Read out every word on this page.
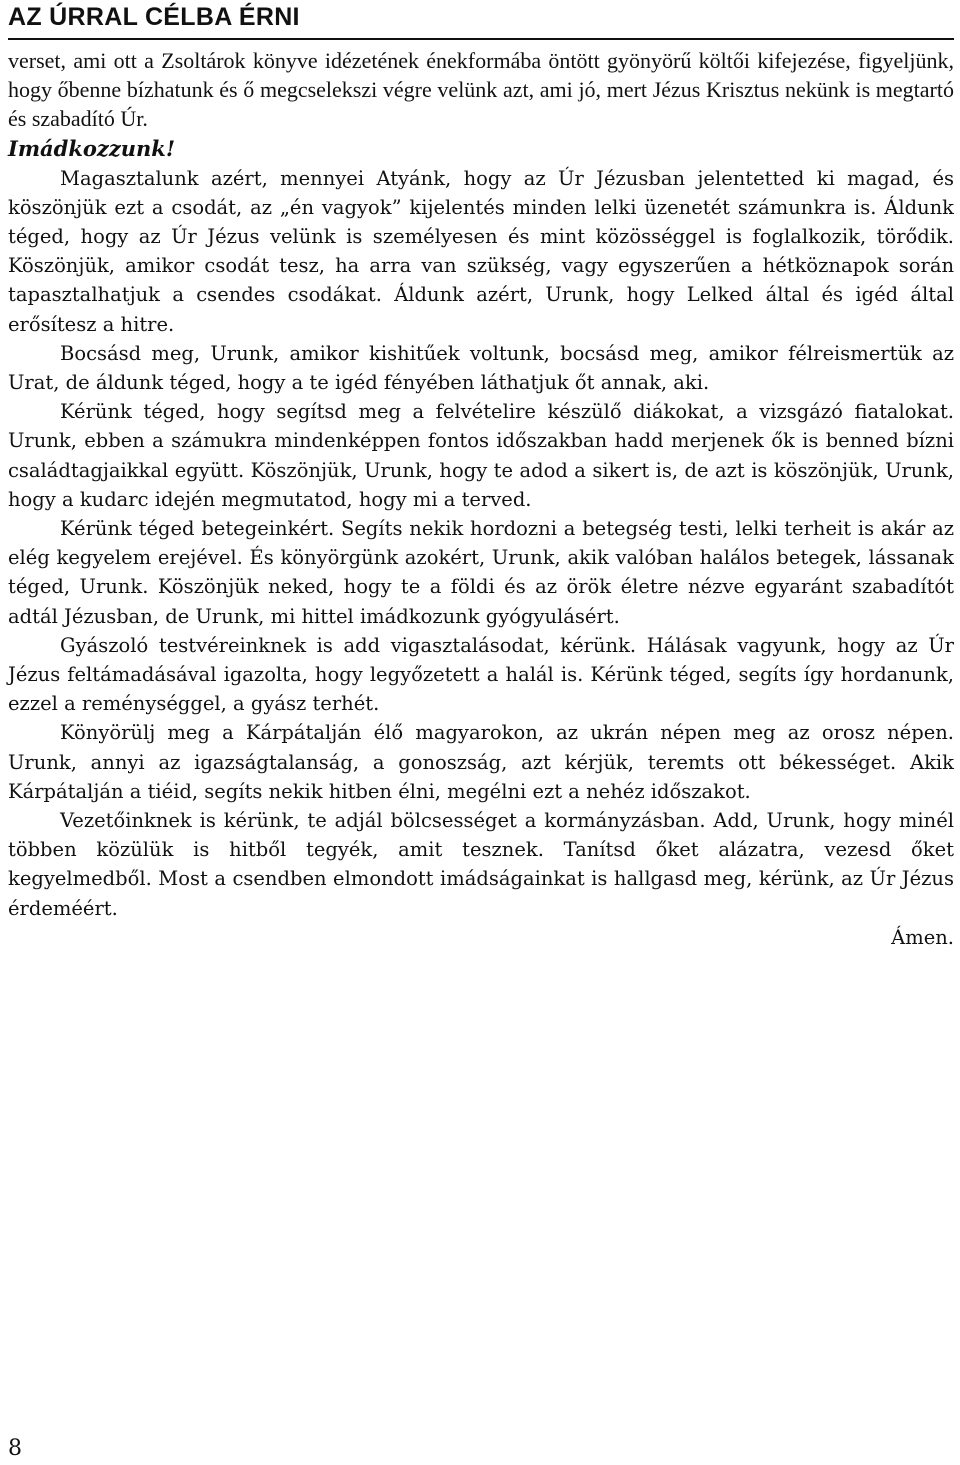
AZ ÚRRAL CÉLBA ÉRNI

verset, ami ott a Zsoltárok könyve idézetének énekformába öntött gyönyörű költői kifejezése, figyeljünk, hogy őbenne bízhatunk és ő megcselekszi végre velünk azt, ami jó, mert Jézus Krisztus nekünk is megtartó és szabadító Úr.

Imádkozzunk!

Magasztalunk azért, mennyei Atyánk, hogy az Úr Jézusban jelentetted ki magad, és köszönjük ezt a csodát, az „én vagyok” kijelentés minden lelki üzenetét számunkra is. Áldunk téged, hogy az Úr Jézus velünk is személyesen és mint közösséggel is foglalkozik, törődik. Köszönjük, amikor csodát tesz, ha arra van szükség, vagy egyszerűen a hétköznapok során tapasztalhatjuk a csendes csodákat. Áldunk azért, Urunk, hogy Lelked által és igéd által erősítesz a hitre.

Bocsásd meg, Urunk, amikor kishitűek voltunk, bocsásd meg, amikor félreismertük az Urat, de áldunk téged, hogy a te igéd fényében láthatjuk őt annak, aki.

Kérünk téged, hogy segítsd meg a felvételire készülő diákokat, a vizsgázó fiatalokat. Urunk, ebben a számukra mindenképpen fontos időszakban hadd merjenek ők is benned bízni családtagjaikkal együtt. Köszönjük, Urunk, hogy te adod a sikert is, de azt is köszönjük, Urunk, hogy a kudarc idején megmutatod, hogy mi a terved.

Kérünk téged betegeinkért. Segíts nekik hordozni a betegség testi, lelki terheit is akár az elég kegyelem erejével. És könyörgünk azokért, Urunk, akik valóban halálos betegek, lássanak téged, Urunk. Köszönjük neked, hogy te a földi és az örök életre nézve egyaránt szabadítót adtál Jézusban, de Urunk, mi hittel imádkozunk gyógyulásért.

Gyászoló testvéreinknek is add vigasztalásodat, kérünk. Hálásak vagyunk, hogy az Úr Jézus feltámadásával igazolta, hogy legyőzetett a halál is. Kérünk téged, segíts így hordanunk, ezzel a reménységgel, a gyász terhét.

Könyörülj meg a Kárpátalján élő magyarokon, az ukrán népen meg az orosz népen. Urunk, annyi az igazságtalanság, a gonoszság, azt kérjük, teremts ott békességet. Akik Kárpátalján a tiéid, segíts nekik hitben élni, megélni ezt a nehéz időszakot.

Vezetőinknek is kérünk, te adjál bölcsességet a kormányzásban. Add, Urunk, hogy minél többen közülük is hitből tegyék, amit tesznek. Tanítsd őket alázatra, vezesd őket kegyelmedből. Most a csendben elmondott imádságainkat is hallgasd meg, kérünk, az Úr Jézus érdeméért.

Ámen.

8
